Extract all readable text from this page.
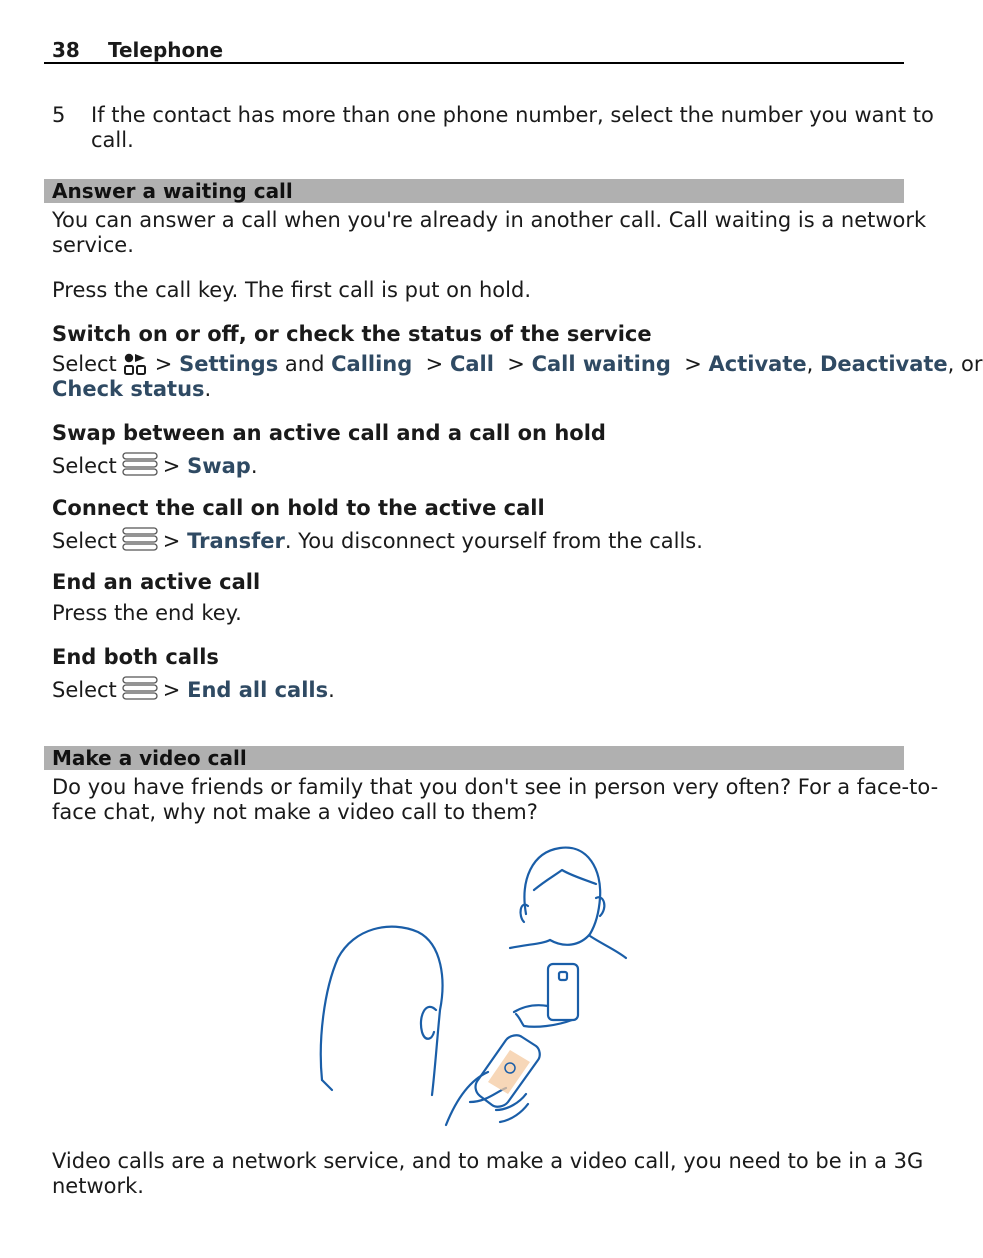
38 Telephone
5 If the contact has more than one phone number, select the number you want to
call.
Answer a waiting call
You can answer a call when you're already in another call. Call waiting is a network
service.
Press the call key. The first call is put on hold.
Switch on or off, or check the status of the service
Select > Settings and Calling > Call > Call waiting > Activate, Deactivate, or
Check status.
Swap between an active call and a call on hold
Select > Swap.
Connect the call on hold to the active call
Select > Transfer. You disconnect yourself from the calls.
End an active call
Press the end key.
End both calls
Select > End all calls.
Make a video call
Do you have friends or family that you don't see in person very often? For a face-to-
face chat, why not make a video call to them?
Video calls are a network service, and to make a video call, you need to be in a 3G
network.
